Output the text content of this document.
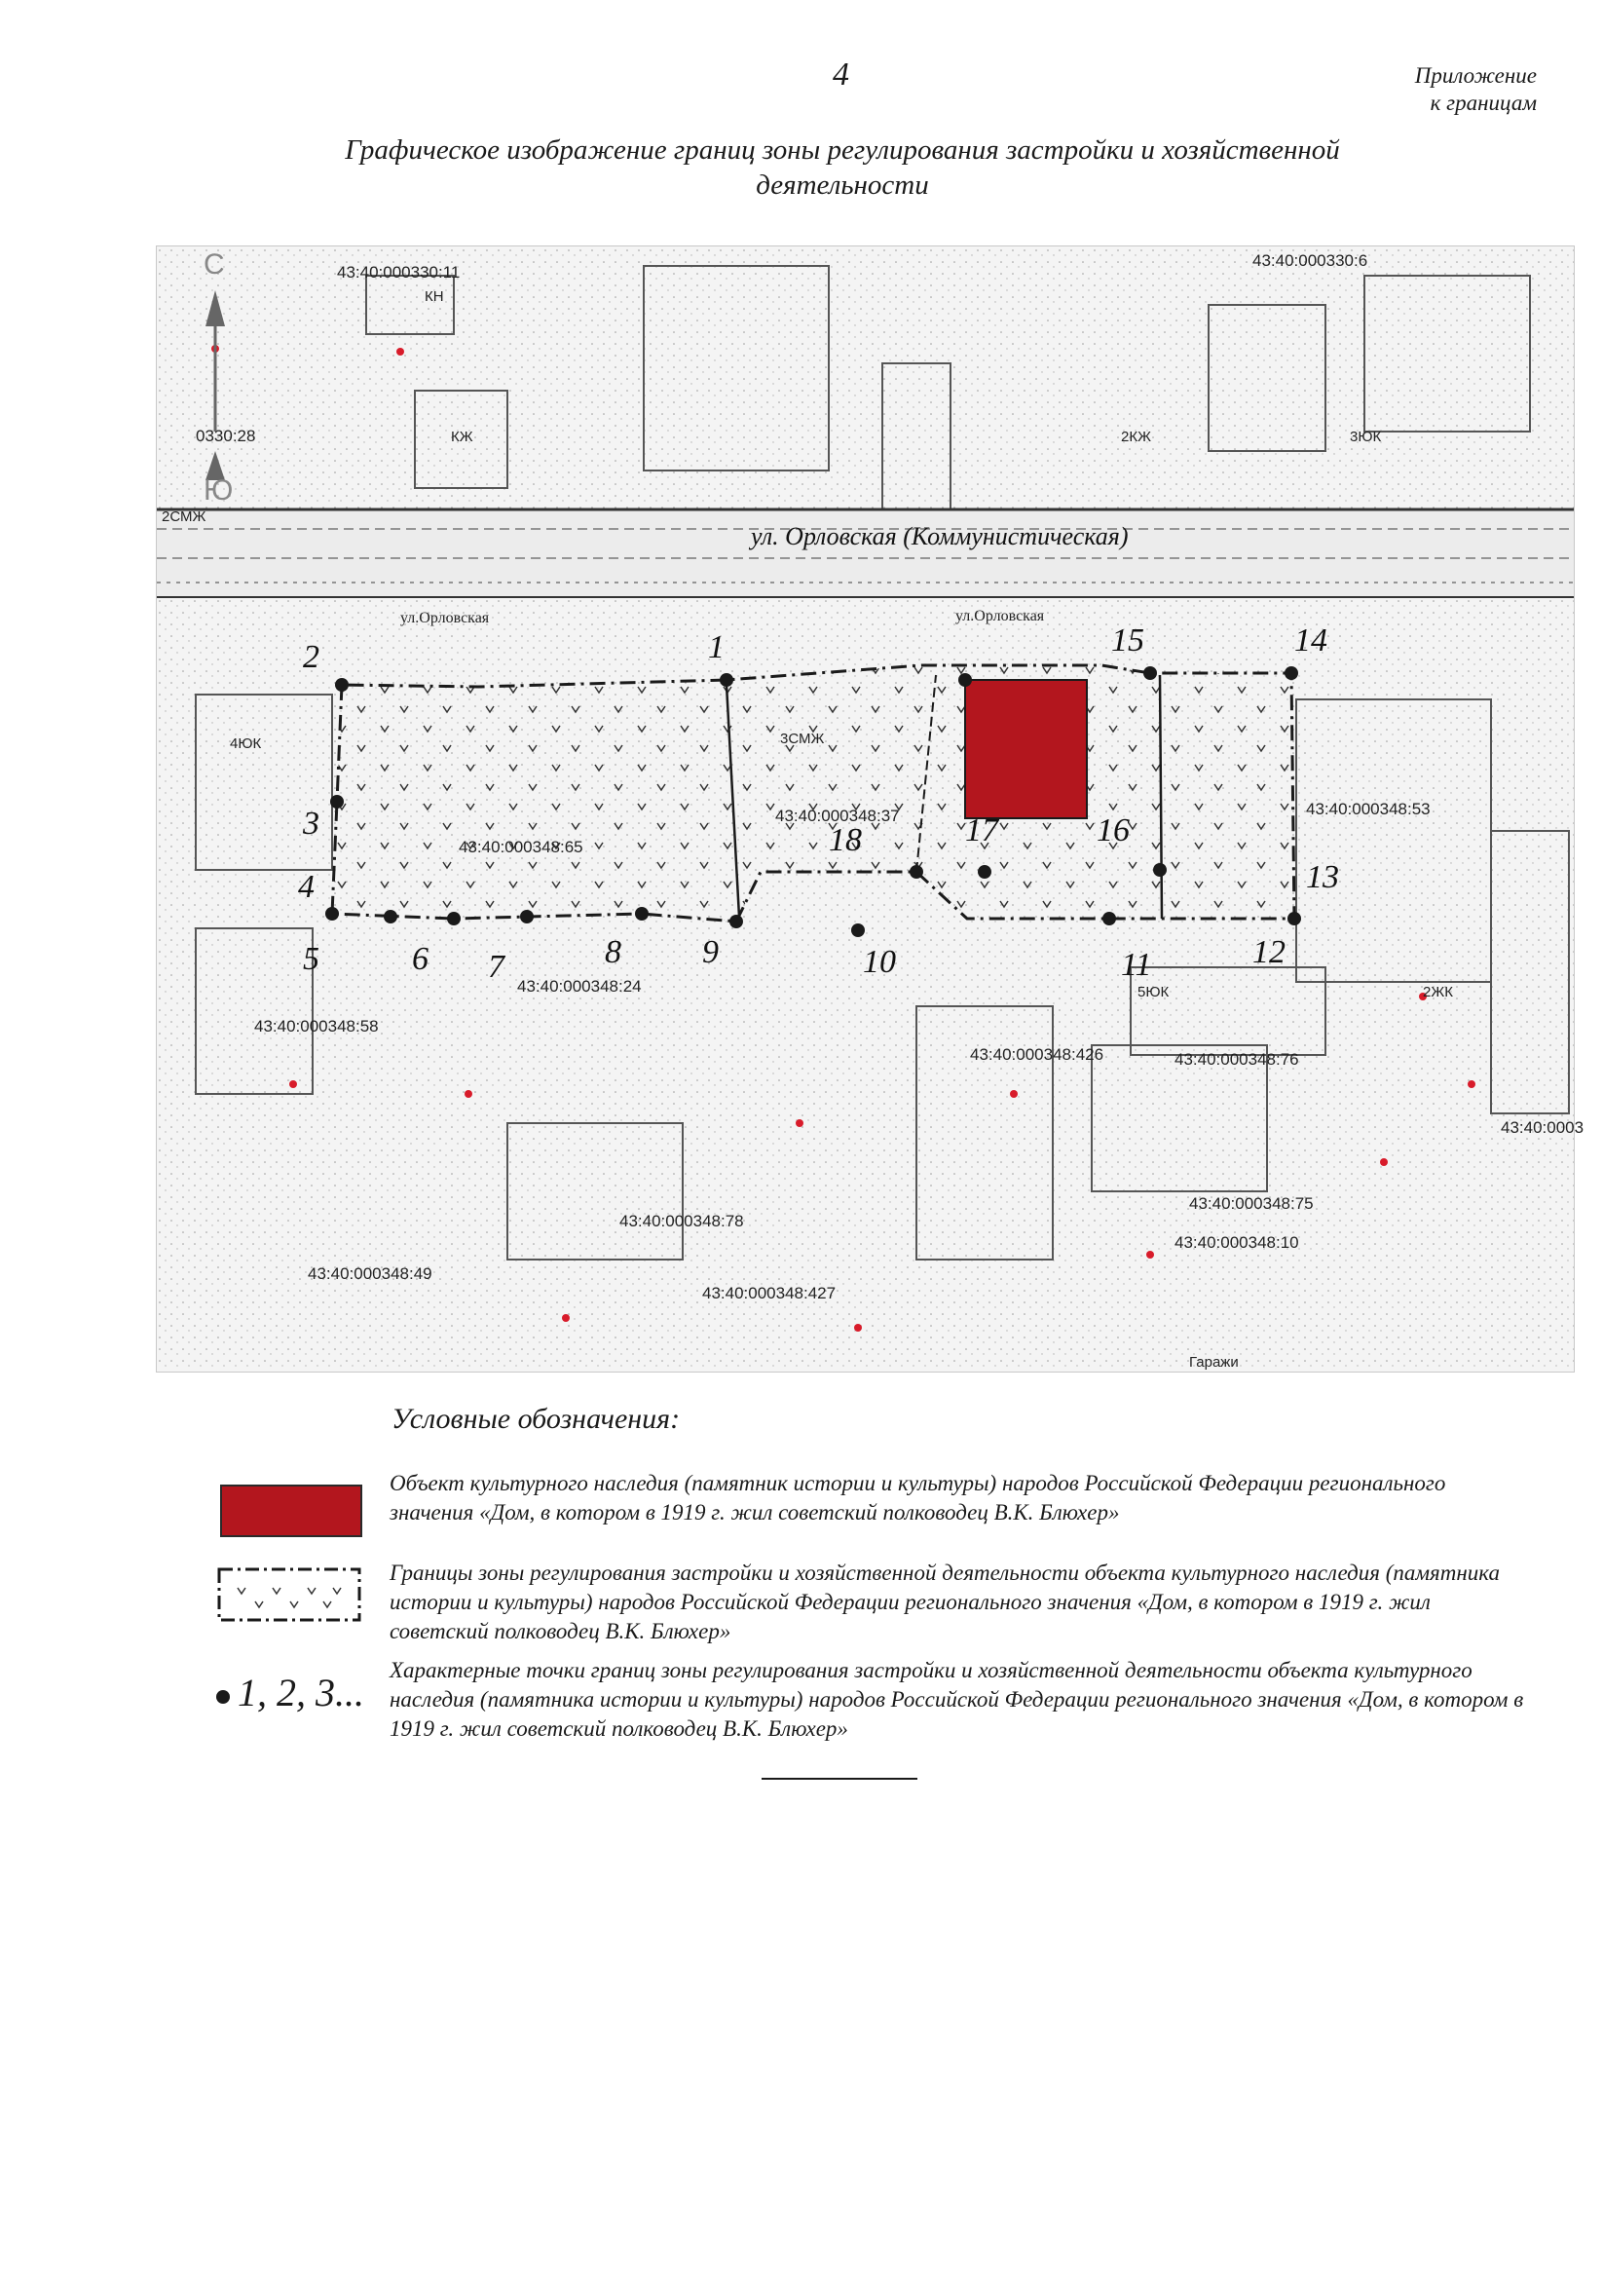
4	Приложение
к границам
Графическое изображение границ зоны регулирования застройки и хозяйственной деятельности
ул. Орловская (Коммунистическая)
ул.Орловская	ул.Орловская
1
2
3
4
5	6 7	8 9	10	11	12
13
14
15
16
17
18
43:40:000330:11
43:40:000330:6
0330:28
43:40:000348:65
43:40:000348:37
43:40:000348:58
43:40:000348:24
43:40:000348:426
43:40:000348:78
43:40:000348:49
43:40:000348:427
43:40:000348:75
43:40:000348:10
43:40:000348:76
43:40:000348:53
43:40:0003
КН
КЖ	2КЖ
2ЖК
3СМЖ
4ЮК
5ЮК
3ЮК
2СМЖ
Гаражи
С
Ю
Условные обозначения:
Объект культурного наследия (памятник истории и культуры) народов Российской Федерации регионального значения «Дом, в котором в 1919 г. жил советский полководец В.К. Блюхер»
Границы зоны регулирования застройки и хозяйственной деятельности объекта культурного наследия (памятника истории и культуры) народов Российской Федерации регионального значения «Дом, в котором в 1919 г. жил советский полководец В.К. Блюхер»
1, 2, 3...
Характерные точки границ зоны регулирования застройки и хозяйственной деятельности объекта культурного наследия (памятника истории и культуры) народов Российской Федерации регионального значения «Дом, в котором в 1919 г. жил советский полководец В.К. Блюхер»
